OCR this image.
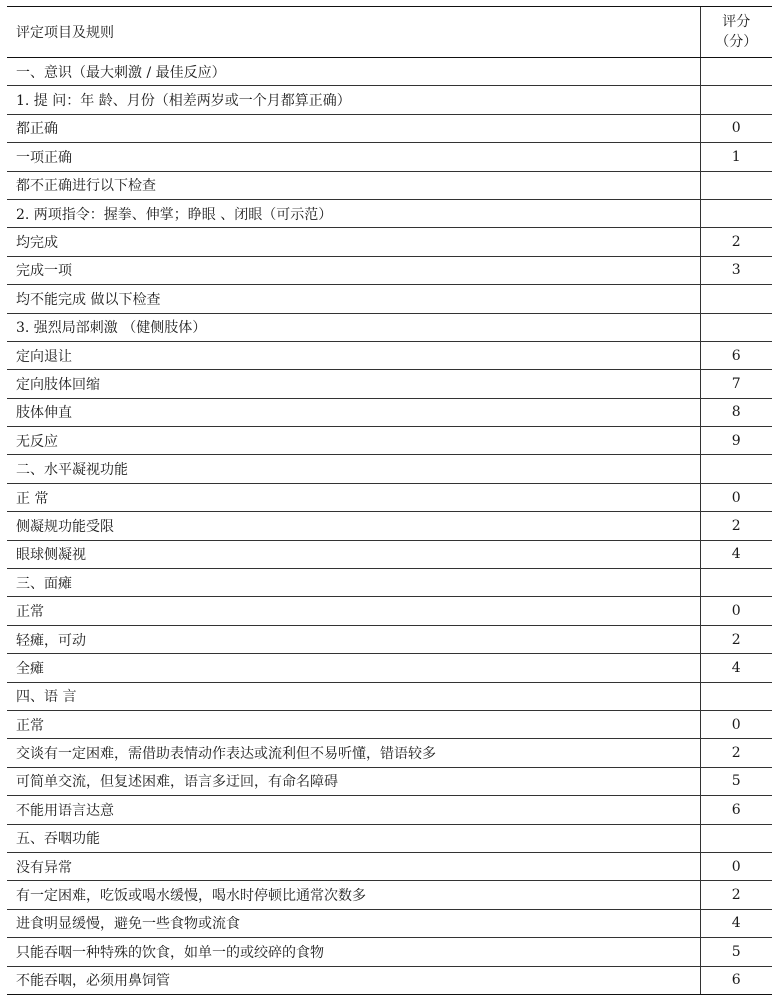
评定项目及规则	评分
（分）

一、意识（最大刺激 / 最佳反应）	
1. 提 问：年 龄、月份（相差两岁或一个月都算正确）	
都正确	0
一项正确	1
都不正确进行以下检查	
2. 两项指令：握拳、伸掌；睁眼 、闭眼（可示范）	
均完成	2
完成一项	3
均不能完成 做以下检查	
3. 强烈局部刺激 （健侧肢体）	
定向退让	6
定向肢体回缩	7
肢体伸直	8
无反应	9
二、水平凝视功能	
正 常	0
侧凝规功能受限	2
眼球侧凝视	4
三、面瘫	
正常	0
轻瘫，可动	2
全瘫	4
四、语 言	
正常	0
交谈有一定困难，需借助表情动作表达或流利但不易听懂，错语较多	2
可简单交流，但复述困难，语言多迂回，有命名障碍	5
不能用语言达意	6
五、吞咽功能	
没有异常	0
有一定困难，吃饭或喝水缓慢，喝水时停顿比通常次数多	2
进食明显缓慢，避免一些食物或流食	4
只能吞咽一种特殊的饮食，如单一的或绞碎的食物	5
不能吞咽，必须用鼻饲管	6
